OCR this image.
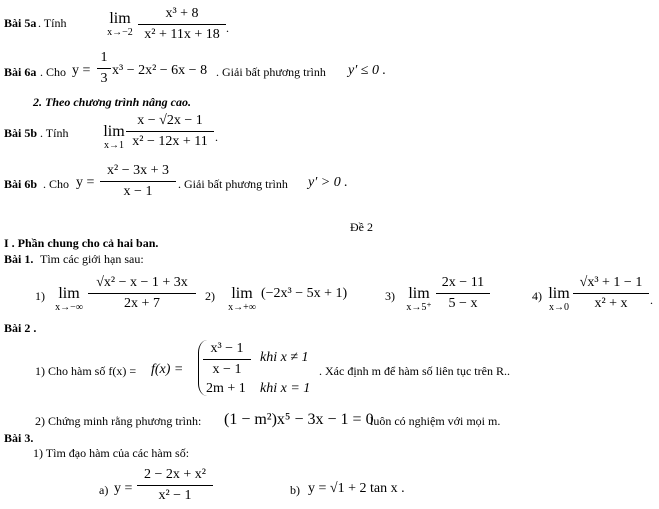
Bài 5a . Tính	lim
x→−2
x³ + 8
x² + 11x + 18 .
Bài 6a . Cho y =
1
3
x³ − 2x² − 6x − 8 . Giải bất phương trình y′ ≤ 0 .
2. Theo chương trình nâng cao.
Bài 5b . Tính lim
x→1
x − √2x − 1
x² − 12x + 11 .
Bài 6b . Cho y =
x² − 3x + 3
x − 1	. Giải bất phương trình y′ > 0 .
Đề 2
I . Phần chung cho cả hai ban.
Bài 1. Tìm các giới hạn sau:
1) lim
x→−∞
√x² − x − 1 + 3x
2x + 7	2)	lim
x→+∞
(−2x³ − 5x + 1)	3) lim
x→5⁺
2x − 11
5 − x	4) lim
x→0
√x³ + 1 − 1
x² + x	.
Bài 2 .
1) Cho hàm số f(x) = f(x) =
x³ − 1
x − 1
khi x ≠ 1
2m + 1 khi x = 1
. Xác định m để hàm số liên tục trên R..
2) Chứng minh rằng phương trình: (1 − m²)x⁵ − 3x − 1 = 0
luôn có nghiệm với mọi m.
Bài 3.
1) Tìm đạo hàm của các hàm số:
a) y =
2 − 2x + x²
x² − 1	b) y = √1 + 2 tan x .
